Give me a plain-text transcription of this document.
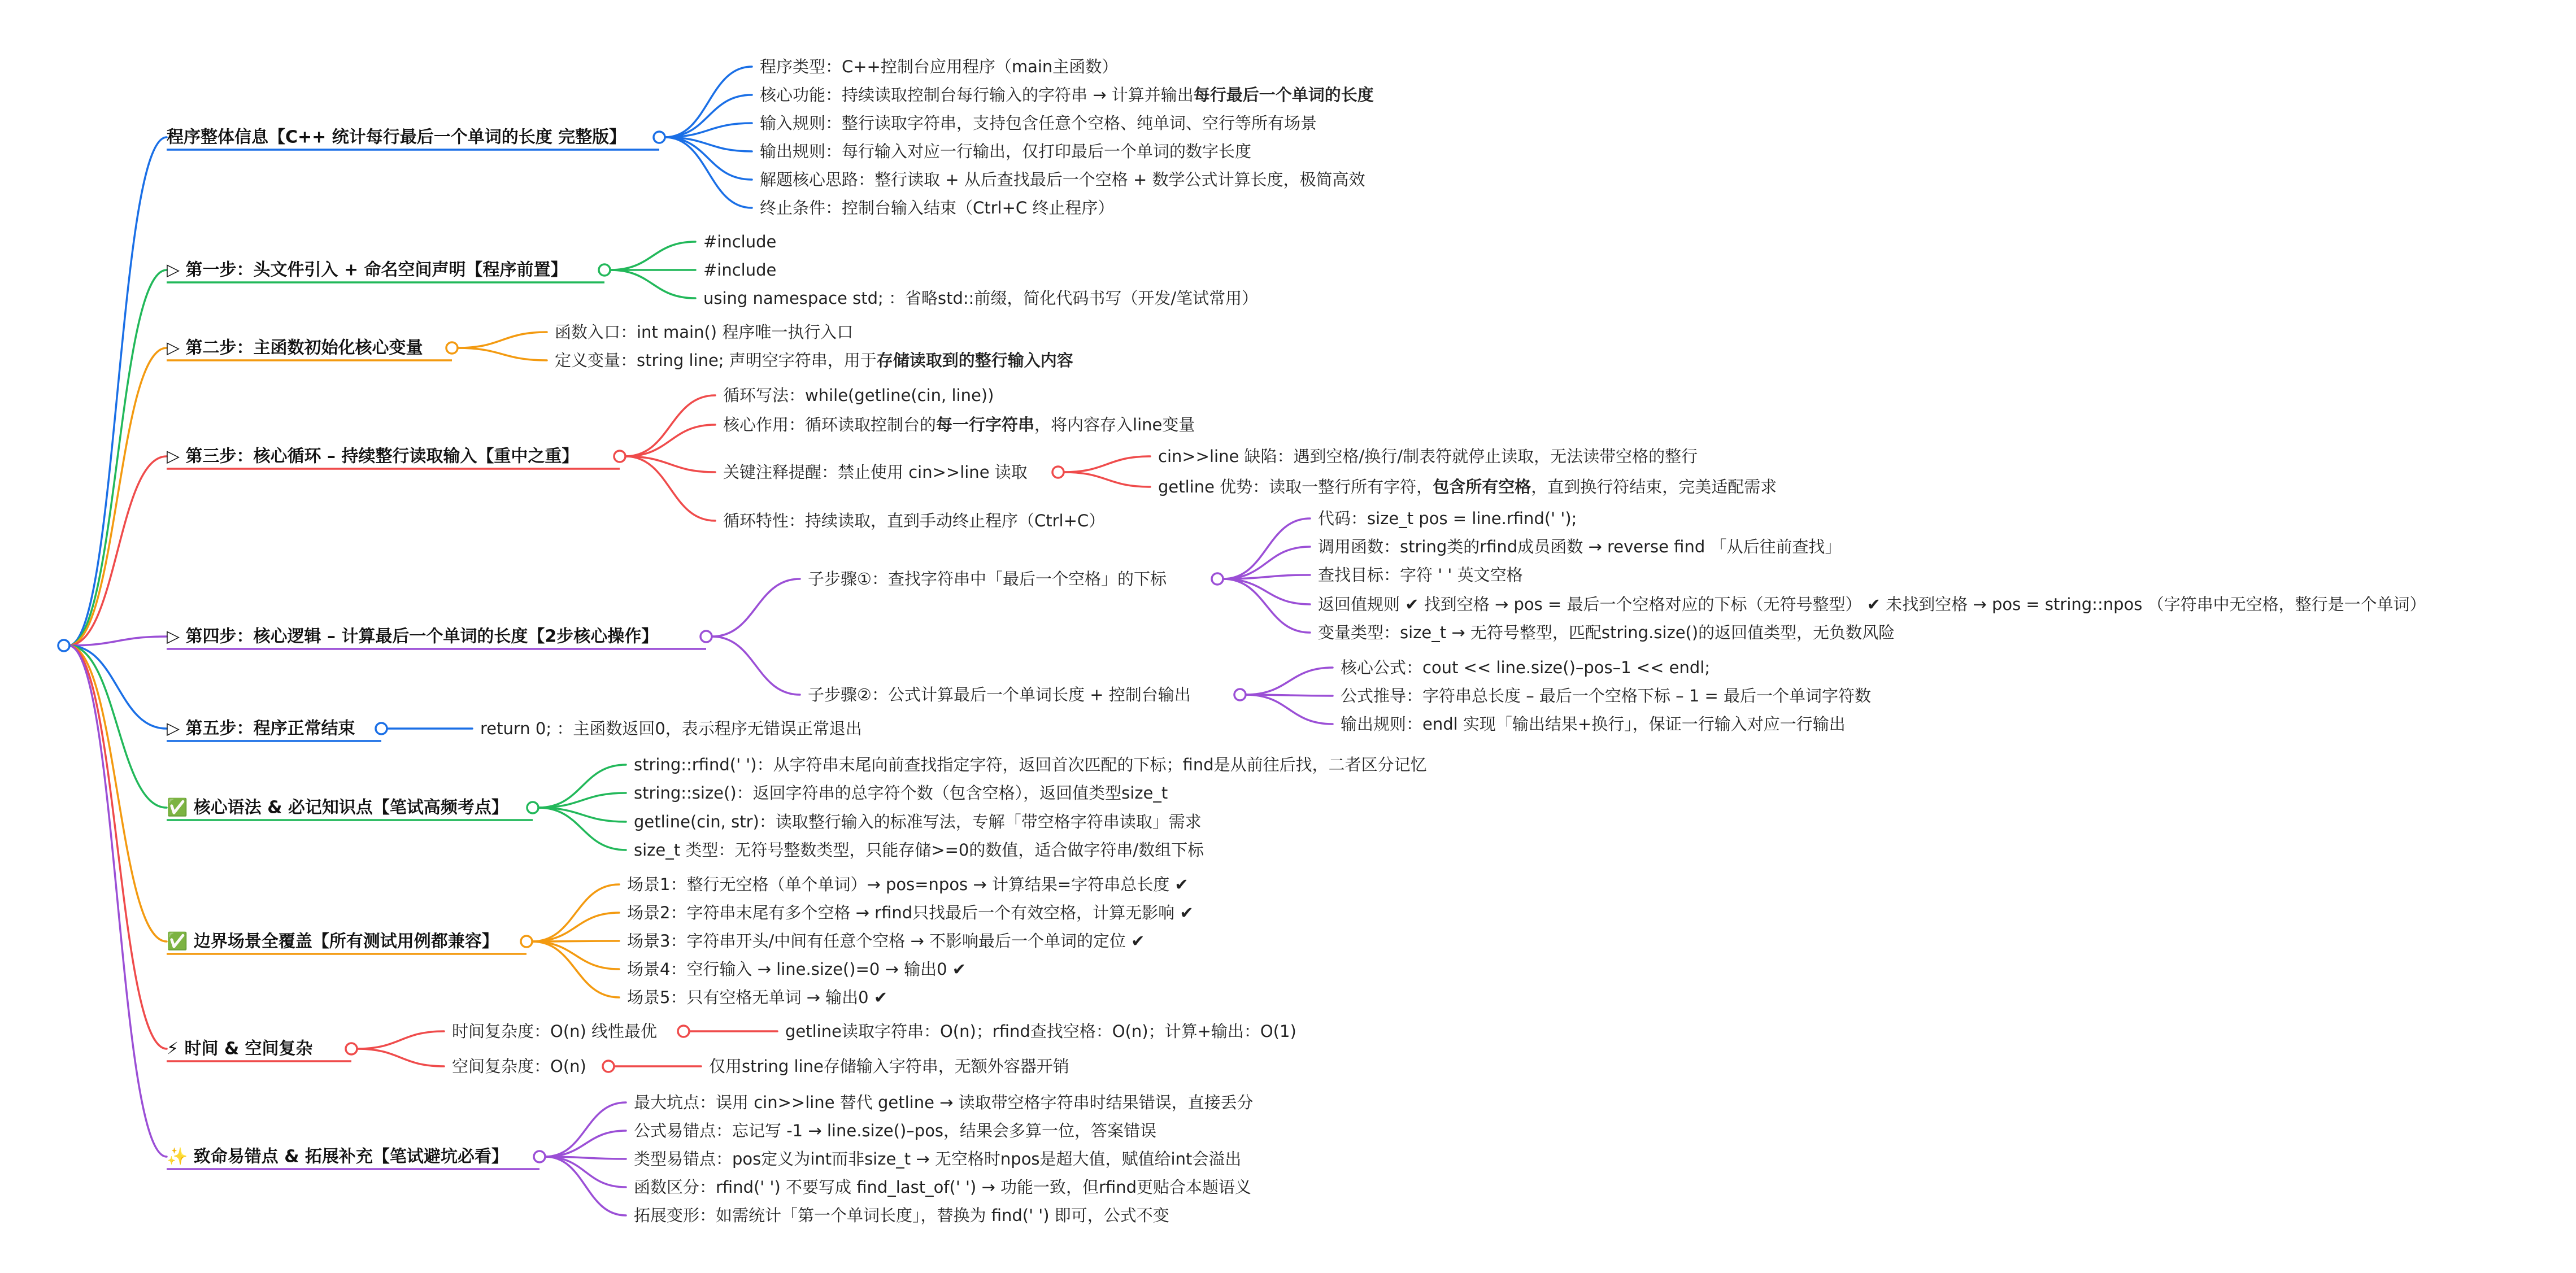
程序整体信息【C++ 统计每行最后一个单词的长度 完整版】
程序类型：C++控制台应用程序（main主函数）
核心功能：持续读取控制台每行输入的字符串 → 计算并输出每行最后一个单词的长度
输入规则：整行读取字符串，支持包含任意个空格、纯单词、空行等所有场景
输出规则：每行输入对应一行输出，仅打印最后一个单词的数字长度
解题核心思路：整行读取 + 从后查找最后一个空格 + 数学公式计算长度，极简高效
终止条件：控制台输入结束（Ctrl+C 终止程序）
▷ 第一步：头文件引入 + 命名空间声明【程序前置】
#include
#include
using namespace std; ：省略std::前缀，简化代码书写（开发/笔试常用）
▷ 第二步：主函数初始化核心变量
函数入口：int main() 程序唯一执行入口
定义变量：string line; 声明空字符串，用于存储读取到的整行输入内容
▷ 第三步：核心循环 – 持续整行读取输入【重中之重】
循环写法：while(getline(cin, line))
核心作用：循环读取控制台的每一行字符串，将内容存入line变量
关键注释提醒：禁止使用 cin>>line 读取
cin>>line 缺陷：遇到空格/换行/制表符就停止读取，无法读带空格的整行
getline 优势：读取一整行所有字符，包含所有空格，直到换行符结束，完美适配需求
循环特性：持续读取，直到手动终止程序（Ctrl+C）
▷ 第四步：核心逻辑 – 计算最后一个单词的长度【2步核心操作】
子步骤①：查找字符串中「最后一个空格」的下标
代码：size_t pos = line.rfind(' ');
调用函数：string类的rfind成员函数 → reverse find 「从后往前查找」
查找目标：字符 ' ' 英文空格
返回值规则 ✔ 找到空格 → pos = 最后一个空格对应的下标（无符号整型） ✔ 未找到空格 → pos = string::npos （字符串中无空格，整行是一个单词）
变量类型：size_t → 无符号整型，匹配string.size()的返回值类型，无负数风险
子步骤②：公式计算最后一个单词长度 + 控制台输出
核心公式：cout << line.size()–pos–1 << endl;
公式推导：字符串总长度 – 最后一个空格下标 – 1 = 最后一个单词字符数
输出规则：endl 实现「输出结果+换行」，保证一行输入对应一行输出
▷ 第五步：程序正常结束	return 0; ：主函数返回0，表示程序无错误正常退出
✅ 核心语法 & 必记知识点【笔试高频考点】
string::rfind(' ')：从字符串末尾向前查找指定字符，返回首次匹配的下标；find是从前往后找，二者区分记忆
string::size()：返回字符串的总字符个数（包含空格），返回值类型size_t
getline(cin, str)：读取整行输入的标准写法，专解「带空格字符串读取」需求
size_t 类型：无符号整数类型，只能存储>=0的数值，适合做字符串/数组下标
✅ 边界场景全覆盖【所有测试用例都兼容】
场景1：整行无空格（单个单词）→ pos=npos → 计算结果=字符串总长度 ✔
场景2：字符串末尾有多个空格 → rfind只找最后一个有效空格，计算无影响 ✔
场景3：字符串开头/中间有任意个空格 → 不影响最后一个单词的定位 ✔
场景4：空行输入 → line.size()=0 → 输出0 ✔
场景5：只有空格无单词 → 输出0 ✔
⚡ 时间 & 空间复杂
时间复杂度：O(n) 线性最优	getline读取字符串：O(n)；rfind查找空格：O(n)；计算+输出：O(1)
空间复杂度：O(n)	仅用string line存储输入字符串，无额外容器开销
✨ 致命易错点 & 拓展补充【笔试避坑必看】
最大坑点：误用 cin>>line 替代 getline → 读取带空格字符串时结果错误，直接丢分
公式易错点：忘记写 -1 → line.size()–pos，结果会多算一位，答案错误
类型易错点：pos定义为int而非size_t → 无空格时npos是超大值，赋值给int会溢出
函数区分：rfind(' ') 不要写成 find_last_of(' ') → 功能一致，但rfind更贴合本题语义
拓展变形：如需统计「第一个单词长度」，替换为 find(' ') 即可，公式不变
